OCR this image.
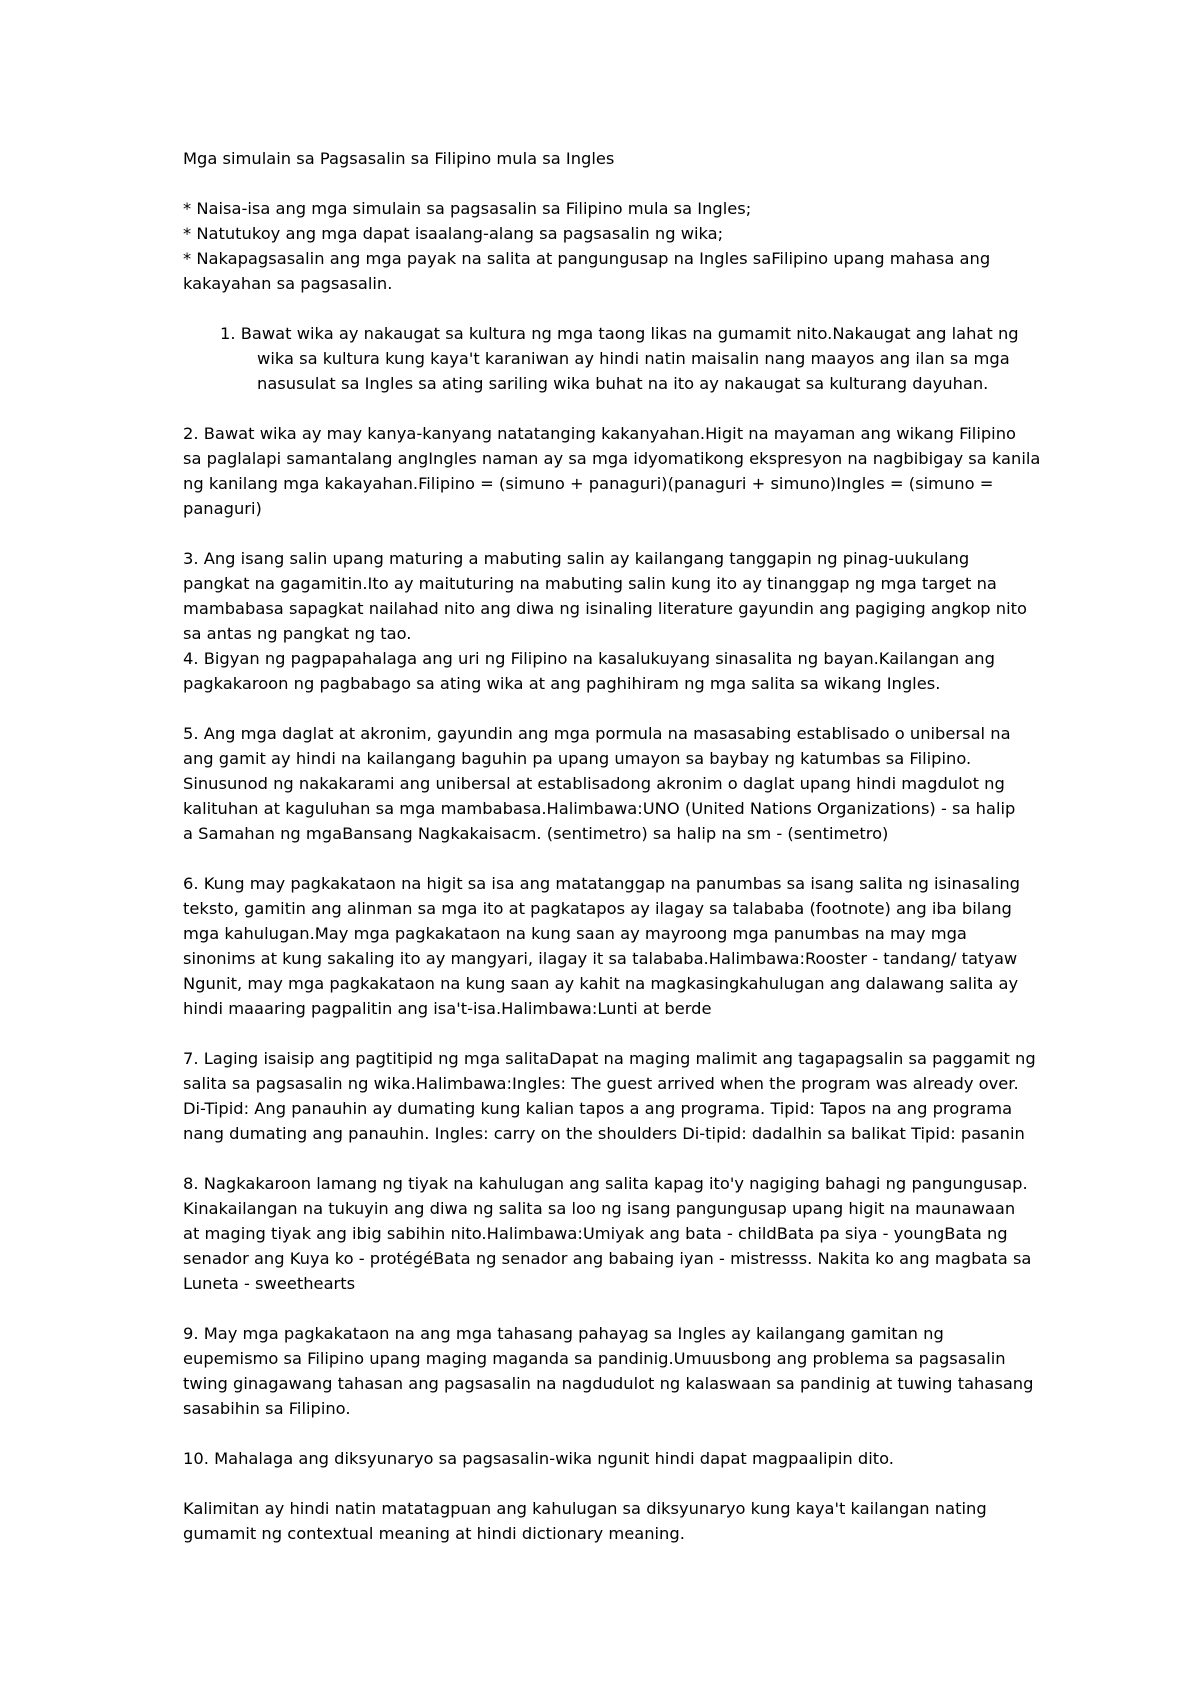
Mga simulain sa Pagsasalin sa Filipino mula sa Ingles
* Naisa-isa ang mga simulain sa pagsasalin sa Filipino mula sa Ingles;
* Natutukoy ang mga dapat isaalang-alang sa pagsasalin ng wika;
* Nakapagsasalin ang mga payak na salita at pangungusap na Ingles saFilipino upang mahasa ang
kakayahan sa pagsasalin.
1. Bawat wika ay nakaugat sa kultura ng mga taong likas na gumamit nito.Nakaugat ang lahat ng
wika sa kultura kung kaya't karaniwan ay hindi natin maisalin nang maayos ang ilan sa mga
nasusulat sa Ingles sa ating sariling wika buhat na ito ay nakaugat sa kulturang dayuhan.
2. Bawat wika ay may kanya-kanyang natatanging kakanyahan.Higit na mayaman ang wikang Filipino
sa paglalapi samantalang angIngles naman ay sa mga idyomatikong ekspresyon na nagbibigay sa kanila
ng kanilang mga kakayahan.Filipino = (simuno + panaguri)(panaguri + simuno)Ingles = (simuno =
panaguri)
3. Ang isang salin upang maturing a mabuting salin ay kailangang tanggapin ng pinag-uukulang
pangkat na gagamitin.Ito ay maituturing na mabuting salin kung ito ay tinanggap ng mga target na
mambabasa sapagkat nailahad nito ang diwa ng isinaling literature gayundin ang pagiging angkop nito
sa antas ng pangkat ng tao.
4. Bigyan ng pagpapahalaga ang uri ng Filipino na kasalukuyang sinasalita ng bayan.Kailangan ang
pagkakaroon ng pagbabago sa ating wika at ang paghihiram ng mga salita sa wikang Ingles.
5. Ang mga daglat at akronim, gayundin ang mga pormula na masasabing establisado o unibersal na
ang gamit ay hindi na kailangang baguhin pa upang umayon sa baybay ng katumbas sa Filipino.
Sinusunod ng nakakarami ang unibersal at establisadong akronim o daglat upang hindi magdulot ng
kalituhan at kaguluhan sa mga mambabasa.Halimbawa:UNO (United Nations Organizations) - sa halip
a Samahan ng mgaBansang Nagkakaisacm. (sentimetro) sa halip na sm - (sentimetro)
6. Kung may pagkakataon na higit sa isa ang matatanggap na panumbas sa isang salita ng isinasaling
teksto, gamitin ang alinman sa mga ito at pagkatapos ay ilagay sa talababa (footnote) ang iba bilang
mga kahulugan.May mga pagkakataon na kung saan ay mayroong mga panumbas na may mga
sinonims at kung sakaling ito ay mangyari, ilagay it sa talababa.Halimbawa:Rooster - tandang/ tatyaw
Ngunit, may mga pagkakataon na kung saan ay kahit na magkasingkahulugan ang dalawang salita ay
hindi maaaring pagpalitin ang isa't-isa.Halimbawa:Lunti at berde
7. Laging isaisip ang pagtitipid ng mga salitaDapat na maging malimit ang tagapagsalin sa paggamit ng
salita sa pagsasalin ng wika.Halimbawa:Ingles: The guest arrived when the program was already over.
Di-Tipid: Ang panauhin ay dumating kung kalian tapos a ang programa. Tipid: Tapos na ang programa
nang dumating ang panauhin. Ingles: carry on the shoulders Di-tipid: dadalhin sa balikat Tipid: pasanin
8. Nagkakaroon lamang ng tiyak na kahulugan ang salita kapag ito'y nagiging bahagi ng pangungusap.
Kinakailangan na tukuyin ang diwa ng salita sa loo ng isang pangungusap upang higit na maunawaan
at maging tiyak ang ibig sabihin nito.Halimbawa:Umiyak ang bata - childBata pa siya - youngBata ng
senador ang Kuya ko - protégéBata ng senador ang babaing iyan - mistresss. Nakita ko ang magbata sa
Luneta - sweethearts
9. May mga pagkakataon na ang mga tahasang pahayag sa Ingles ay kailangang gamitan ng
eupemismo sa Filipino upang maging maganda sa pandinig.Umuusbong ang problema sa pagsasalin
twing ginagawang tahasan ang pagsasalin na nagdudulot ng kalaswaan sa pandinig at tuwing tahasang
sasabihin sa Filipino.
10. Mahalaga ang diksyunaryo sa pagsasalin-wika ngunit hindi dapat magpaalipin dito.
Kalimitan ay hindi natin matatagpuan ang kahulugan sa diksyunaryo kung kaya't kailangan nating
gumamit ng contextual meaning at hindi dictionary meaning.
